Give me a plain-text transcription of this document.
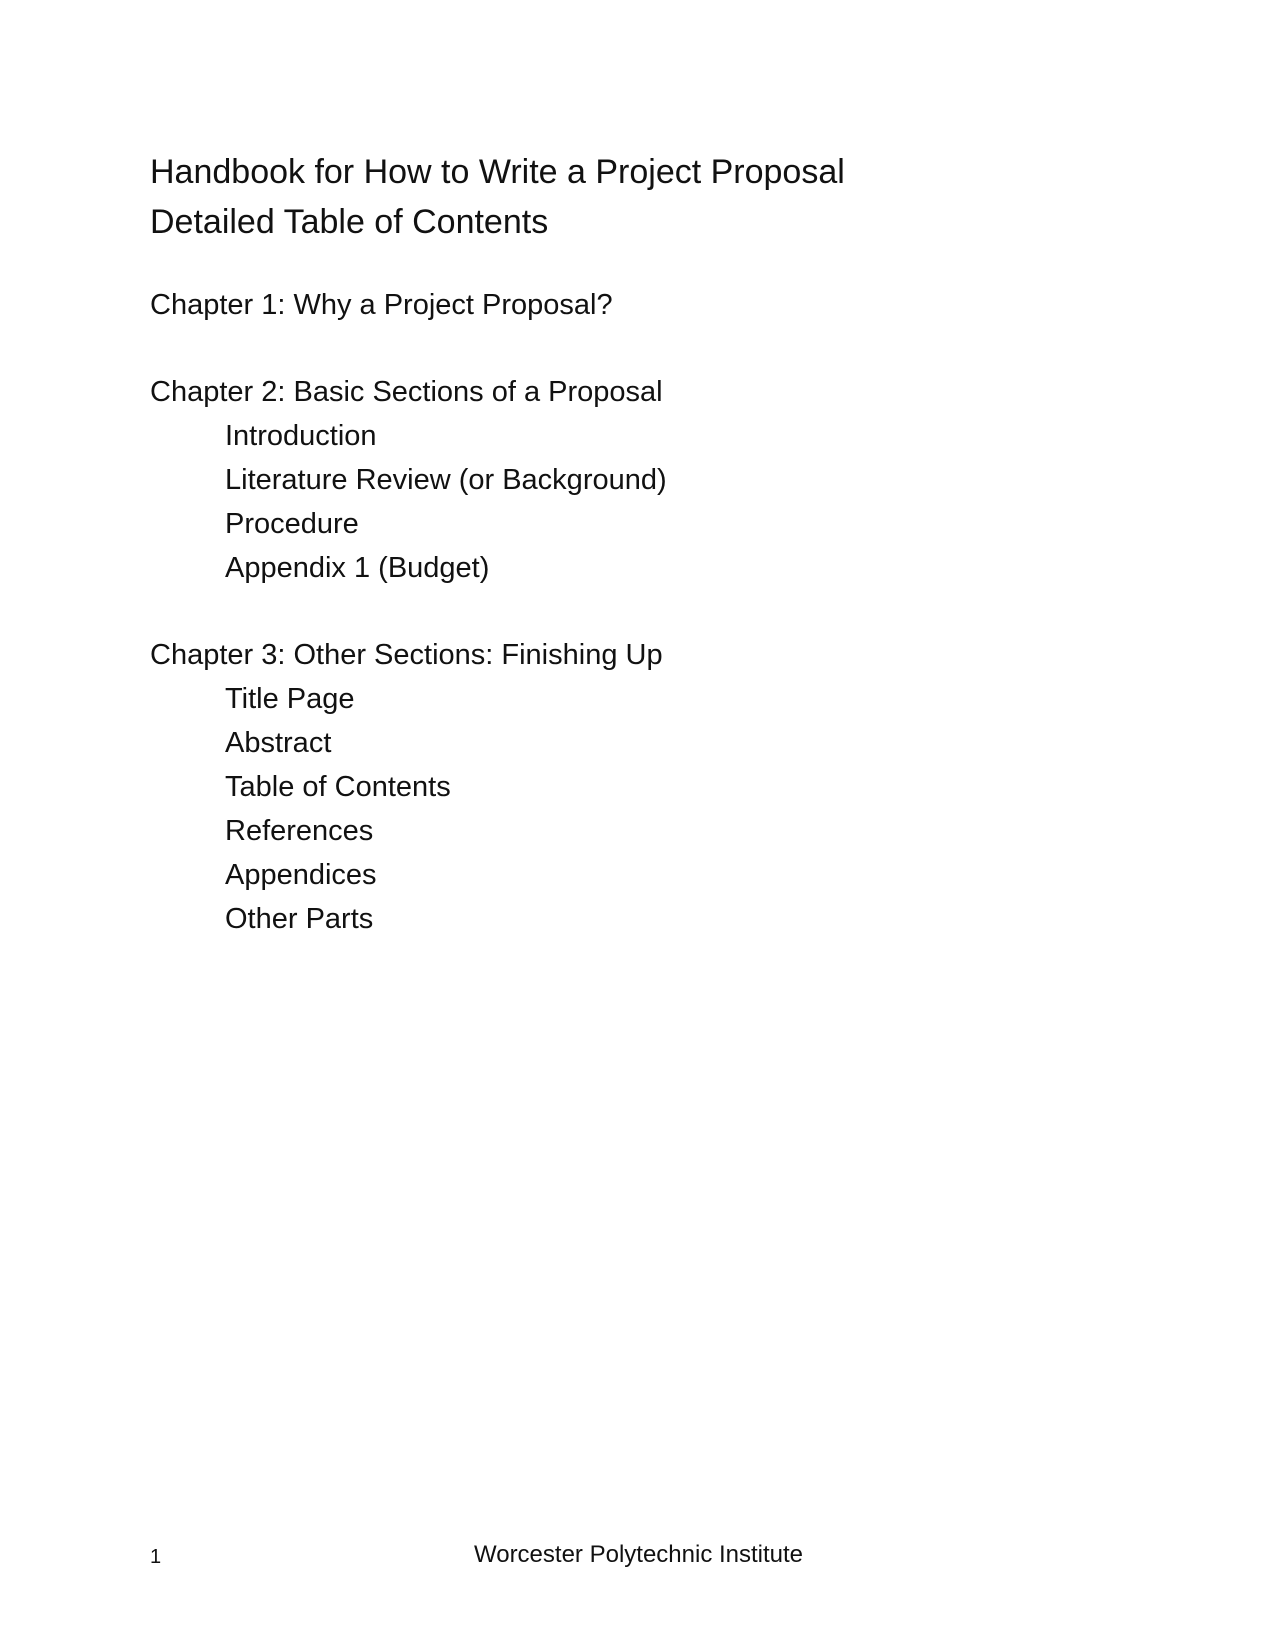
Handbook for How to Write a Project Proposal
Detailed Table of Contents
Chapter 1: Why a Project Proposal?
Chapter 2: Basic Sections of a Proposal
Introduction
Literature Review (or Background)
Procedure
Appendix 1 (Budget)
Chapter 3: Other Sections: Finishing Up
Title Page
Abstract
Table of Contents
References
Appendices
Other Parts
1	Worcester Polytechnic Institute
